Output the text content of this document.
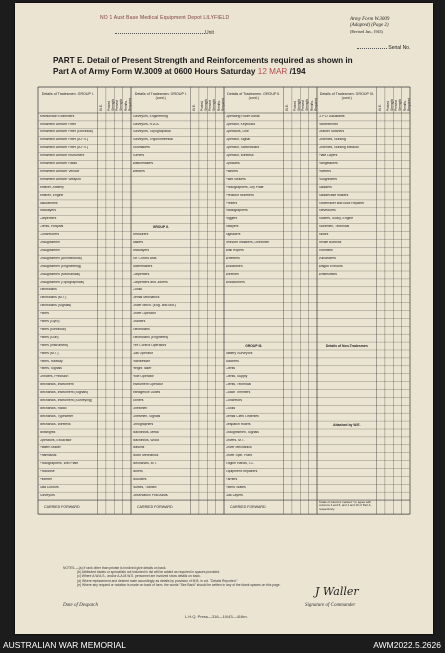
NO 1 Aust Base Medical Equipment Depot LILYFIELD
Unit
Army Form W.3009
(Adapted) (Page 2)
(Revised Jan., 1943)
Serial No.
PART E. Detail of Present Strength and Reinforcements required as shown in
Part A of Army Form W.3009 at 0600 Hours Saturday 12 MAR /194
Details of Tradesmen. GROUP I.
W.E. Posted Strength Present Strength Reinfts. Required
Ammunition Examiners
Armament Artificer Fitter
Armament Artificer Fitter (Electrical)
Armament Artificer Fitter (A.F.V.)
Armament Artificer Fitter (A.F.V.)
Armament Artificer Instrument
Armament Artificer Radio
Armament Artificer Vehicle
Armament Artificer Weapon
Artificer, Artillery
Artificer, Engine
Blacksmiths
Bricklayers
Carpenters
Clerks, Hospital
Concretorers
Draughtsmen
Draughtsmen
Draughtsmen (Architectural)
Draughtsmen (Engineering)
Draughtsmen (Mechanical)
Draughtsmen (Topographical)
Electricians
Electricians (M.T.)
Electricians (Signals)
Fitters
Fitters (Gyro)
Fitters (Electrical)
Fitters (Gun)
Fitters (Instrument)
Fitters (M.T.)
Fitters, Railway
Fitters, Signals
Grinders, Precision
Mechanics, Instrument
Mechanics, Instrument (Signals)
Mechanics, Instrument (Surveying)
Mechanics, Radio
Mechanics, Typewriter
Mechanics, Wireless
Millwrights
Operators, Excavator
Pattern Maker
Pharmacist
Photographers, Wet Plate
Photolithe
Plumber
Saw Doctors
Surveyors
CARRIED FORWARD
Details of Tradesmen. GROUP I. (cont.)
W.E. Posted Strength Present Strength Reinfts. Required
Surveyors, Engineering
Surveyors, R.A.A.
Surveyors, Topographical
Surveyors, Trigonometrical
Toolmakers
Turners
Watchmakers
Welders
GROUP II.
Armourers
Bakers
Bricklayers
Str. Cond's Asst.
Boilermakers
Carpenters
Carpenters and Joiners
Cooks
Dental Mechanics
Driver Mech. (Eng. and Mot.)
Driver Operator
Drainers
Electricians
Electricians (Engineers)
Fire Control Operators
Gas Operator
Hairdresser
Height Taker
Hole Operator
Instrument Operator
Intelligence Duties
Joiners
Linesmen
Linesmen, Signals
Lithographers
Machinists, Metal
Machinists, Wood
Masons
Motor Mechanics
Mechanics, M.T.
Miners
Moulders
Nurses, Trained
Observation Post Assts.
CARRIED FORWARD
Details of Tradesmen. GROUP II. (cont.)
W.E. Posted Strength Present Strength Reinfts. Required
Operating Room Assts.
Operator, Keyboard
Operators, Line
Operator, Signal
Operator, Switchboard
Operator, Wireless
Opticians
Painters
Paint Sealers
Photographers, Dry Plate
Predictor Numbers
Printers
Radiographers
Riggers
Sawyers
Signallers
Telecom Installers, Linesmen
Wall Ropers
Wheelers
Woodsmen
Wiremen
Woodturners
GROUP III.
Battery Surveyors
Butchers
Clerks
Clerks, Supply
Clerks, Technical
Coach Trimmers
Concretors
Cooks
Dental Clerk Orderlies
Despatch Riders
Draughtsmen, Signals
Drivers, M.T.
Driver Mechanics
Driver Spin. Plant
Engine Hands, I.C.
Equipment Repairers
Farriers
Fitters' Mates
Gas Layers
CARRIED FORWARD
Details of Tradesmen. GROUP III. (cont.)
W.E. Posted Strength Present Strength Reinfts. Required
O.P.O. Assistants
Hammermen
Leather Stitchers
Orderlies, Nursing
Orderlies, Nursing Medical
Plate Layers
Rangetakers
Riveters
Roughriders
Saddlers
Saddlecase makers
Shoemaker and Boot Repairer
Stevedores
Stokers, Sluicy, Engine
Storemen, Technical
Tailors
Textile Bobbins
Tinsmiths
Vulcanizers
Wagon Erectors
Whitesmiths
Details of Non-Tradesmen
Attached by W.E.
Totals of columns marked * to agree with columns 4 and 5, and 1 and 16 of Part A, respectively.
NOTES.—(a) If rank other than private is involved give details on back.
(b) Attributed trades or specialists not included in list will be added as required in spaces provided.
(c) Where A.W.A.S., and/or A.A.M.W.S. personnel are involved show details on back.
(d) Where replacement and desired mate accordingly as details by provision of M.B. in col. "Details Reported."
(e) Where any request or notation is made on back of form, the words "See Back" should be written in any of the blank spaces on this page.
J Waller
Date of Despatch	Signature of Commander
L.H.Q. Press—316—10/43—416m.
AUSTRALIAN WAR MEMORIAL	AWM2022.5.2626
